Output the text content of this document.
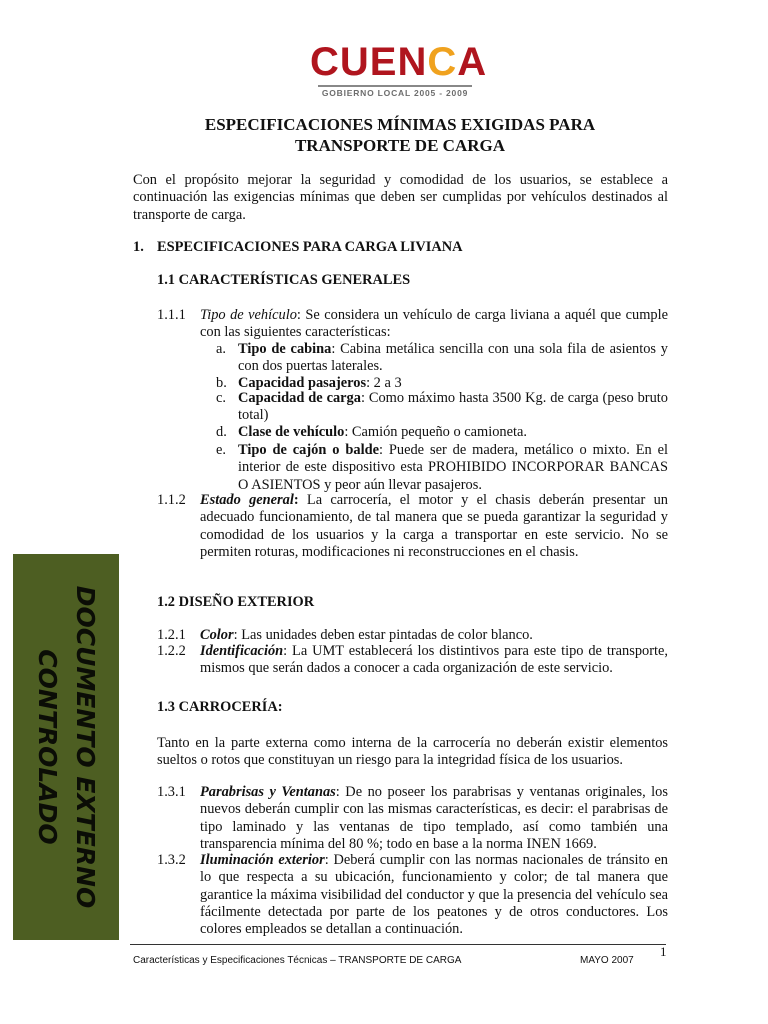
CUENCA
GOBIERNO LOCAL 2005 - 2009
ESPECIFICACIONES MÍNIMAS EXIGIDAS PARA
TRANSPORTE DE CARGA
Con el propósito mejorar la seguridad y comodidad de los usuarios, se establece a continuación las exigencias mínimas que deben ser cumplidas por vehículos destinados al transporte de carga.
1. ESPECIFICACIONES PARA CARGA LIVIANA
1.1 CARACTERÍSTICAS GENERALES
1.1.1 Tipo de vehículo: Se considera un vehículo de carga liviana a aquél que cumple con las siguientes características:
a. Tipo de cabina: Cabina metálica sencilla con una sola fila de asientos y con dos puertas laterales.
b. Capacidad pasajeros: 2 a 3
c. Capacidad de carga: Como máximo hasta 3500 Kg. de carga (peso bruto total)
d. Clase de vehículo: Camión pequeño o camioneta.
e. Tipo de cajón o balde: Puede ser de madera, metálico o mixto. En el interior de este dispositivo esta PROHIBIDO INCORPORAR BANCAS O ASIENTOS y peor aún llevar pasajeros.
1.1.2 Estado general: La carrocería, el motor y el chasis deberán presentar un adecuado funcionamiento, de tal manera que se pueda garantizar la seguridad y comodidad de los usuarios y la carga a transportar en este servicio. No se permiten roturas, modificaciones ni reconstrucciones en el chasis.
1.2 DISEÑO EXTERIOR
1.2.1 Color: Las unidades deben estar pintadas de color blanco.
1.2.2 Identificación: La UMT establecerá los distintivos para este tipo de transporte, mismos que serán dados a conocer a cada organización de este servicio.
1.3 CARROCERÍA:
Tanto en la parte externa como interna de la carrocería no deberán existir elementos sueltos o rotos que constituyan un riesgo para la integridad física de los usuarios.
1.3.1 Parabrisas y Ventanas: De no poseer los parabrisas y ventanas originales, los nuevos deberán cumplir con las mismas características, es decir: el parabrisas de tipo laminado y las ventanas de tipo templado, así como también una transparencia mínima del 80 %; todo en base a la norma INEN 1669.
1.3.2 Iluminación exterior: Deberá cumplir con las normas nacionales de tránsito en lo que respecta a su ubicación, funcionamiento y color; de tal manera que garantice la máxima visibilidad del conductor y que la presencia del vehículo sea fácilmente detectada por parte de los peatones y de otros conductores. Los colores empleados se detallan a continuación.
DOCUMENTO EXTERNO
CONTROLADO
1
Características y Especificaciones Técnicas – TRANSPORTE DE CARGA	MAYO 2007
